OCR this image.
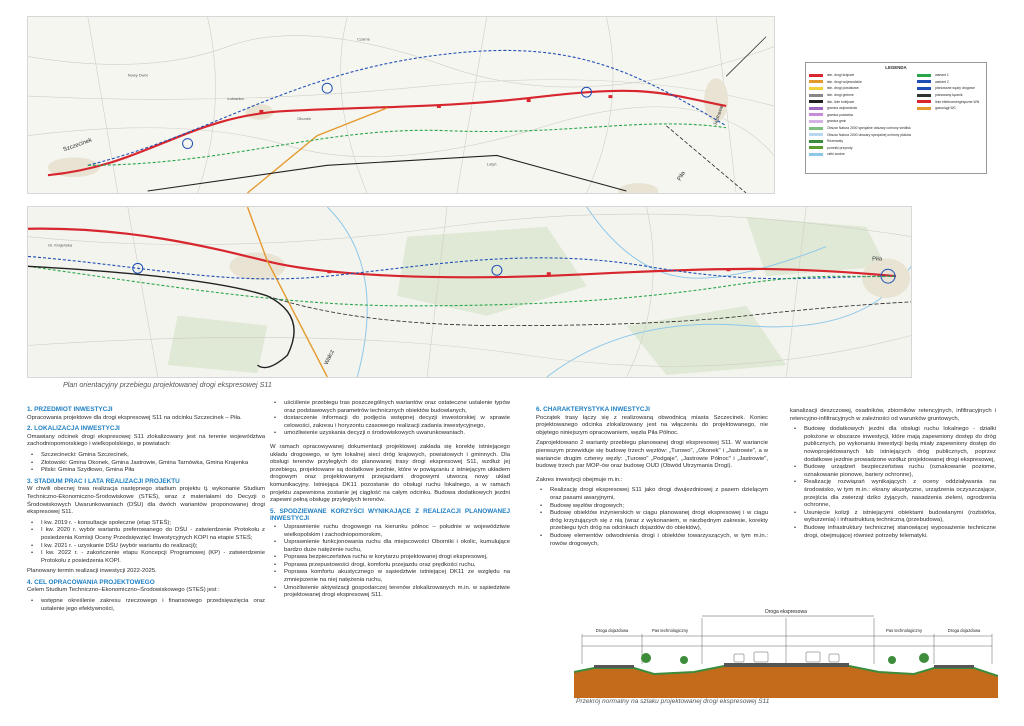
Szczecinek
Okonek
Czarne
Piła
Łubianka
Jastrowie
Nowy Dwór
Lotyń
LEGENDA
istn. drogi krajowe
istn. drogi wojewódzkie
istn. drogi powiatowe
istn. drogi gminne
istn. linie kolejowe
granica województw
granica powiatów
granica gmin
Obszar Natura 2000 specjalne obszary ochrony siedlisk
Obszar Natura 2000 obszary specjalnej ochrony ptaków
Rezerwaty
pomniki przyrody
cieki wodne
wariant 1
wariant 2
planowane węzły drogowe
planowany łącznik
linie elektroenergetyczne WN
gazociągi WC
Gr. Krajeńska
Wałcz
Piła
Plan orientacyjny przebiegu projektowanej drogi ekspresowej S11
1. PRZEDMIOT INWESTYCJI
Opracowania projektowe dla drogi ekspresowej S11 na odcinku Szczecinek – Piła.
2. LOKALIZACJA INWESTYCJI
Omawiany odcinek drogi ekspresowej S11 zlokalizowany jest na terenie województwa zachodniopomorskiego i wielkopolskiego, w powiatach:
• Szczecinecki: Gmina Szczecinek,
• Złotowski: Gmina Okonek, Gmina Jastrowie, Gmina Tarnówka, Gmina Krajenka
• Pilski: Gmina Szydłowo, Gmina Piła
3. STADIUM PRAC I LATA REALIZACJI PROJEKTU
W chwili obecnej trwa realizacja następnego stadium projektu tj. wykonanie Studium Techniczno-Ekonomiczno-Środowiskowe (STEŚ), wraz z materiałami do Decyzji o Środowiskowych Uwarunkowaniach (DŚU) dla dwóch wariantów proponowanej drogi ekspresowej S11.
• I kw. 2019 r. - konsultacje społeczne (etap STEŚ);
• I kw. 2020 r. wybór wariantu preferowanego do DŚU - zatwierdzenie Protokołu z posiedzenia Komisji Oceny Przedsięwzięć Inwestycyjnych KOPI na etapie STEŚ;
• I kw. 2021 r. - uzyskanie DŚU (wybór wariantu do realizacji);
• I kw. 2022 r. - zakończenie etapu Koncepcji Programowej (KP) - zatwierdzenie Protokołu z posiedzenia KOPI.
Planowany termin realizacji inwestycji 2022-2025.
4. CEL OPRACOWANIA PROJEKTOWEGO
Celem Studium Techniczno–Ekonomiczno–Środowiskowego (STEŚ) jest :
• wstępne określenie zakresu rzeczowego i finansowego przedsięwzięcia oraz ustalenie jego efektywności,
• uściślenie przebiegu tras poszczególnych wariantów oraz ostateczne ustalenie typów oraz podstawowych parametrów technicznych obiektów budowlanych,
• dostarczenie informacji do podjęcia wstępnej decyzji inwestorskiej w sprawie celowości, zakresu i horyzontu czasowego realizacji zadania inwestycyjnego,
• umożliwienie uzyskania decyzji o środowiskowych uwarunkowaniach.
W ramach opracowywanej dokumentacji projektowej zakłada się korektę istniejącego układu drogowego, w tym lokalnej sieci dróg krajowych, powiatowych i gminnych. Dla obsługi terenów przyległych do planowanej trasy drogi ekspresowej S11, wzdłuż jej przebiegu, projektowane są dodatkowe jezdnie, które w powiązaniu z istniejącym układem drogowym oraz projektowanymi przejazdami drogowymi utworzą nowy układ komunikacyjny. Istniejąca DK11 pozostanie do obsługi ruchu lokalnego, a w ramach projektu zapewniona zostanie jej ciągłość na całym odcinku. Budowa dodatkowych jezdni zapewni pełną obsługę przyległych terenów.
5. SPODZIEWANE KORZYŚCI WYNIKAJĄCE Z REALIZACJI PLANOWANEJ INWESTYCJI
• Usprawnienie ruchu drogowego na kierunku północ – południe w województwie wielkopolskim i zachodniopomorskim,
• Usprawnienie funkcjonowania ruchu dla miejscowości Oborniki i okolic, kumulujące bardzo duże natężenie ruchu,
• Poprawa bezpieczeństwa ruchu w korytarzu projektowanej drogi ekspresowej,
• Poprawa przepustowości drogi, komfortu przejazdu oraz prędkości ruchu,
• Poprawa komfortu akustycznego w sąsiedztwie istniejącej DK11 ze względu na zmniejszenie na niej natężenia ruchu,
• Umożliwienie aktywizacji gospodarczej terenów zlokalizowanych m.in. w sąsiedztwie projektowanej drogi ekspresowej S11.
6. CHARAKTERYSTYKA INWESTYCJI
Początek trasy łączy się z realizowaną obwodnicą miasta Szczecinek. Koniec projektowanego odcinka zlokalizowany jest na włączeniu do projektowanego, nie objętego niniejszym opracowaniem, węzła Piła Północ.
Zaprojektowano 2 warianty przebiegu planowanej drogi ekspresowej S11. W wariancie pierwszym przewiduje się budowę trzech węzłów: „Turowo", „Okonek" i „Jastrowie", a w wariancie drugim czterey węzły: „Turowo" „Podgaje", „Jastrowie Północ" i „Jastrowie", budowę trzech par MOP-ów oraz budowę OUD (Obwód Utrzymania Drogi).
Zakres inwestycji obejmuje m.in.:
• Realizację drogi ekspresowej S11 jako drogi dwujezdniowej z pasem dzielącym oraz pasami awaryjnymi,
• Budowę węzłów drogowych;
• Budowę obiektów inżynierskich w ciągu planowanej drogi ekspresowej i w ciągu dróg krzyżujących się z nią (wraz z wykonaniem, w niezbędnym zakresie, korekty przebiegu tych dróg na odcinkach dojazdów do obiektów),
• Budowę elementów odwodnienia drogi i obiektów towarzyszących, w tym m.in.: rowów drogowych,
kanalizacji deszczowej, osadników, zbiorników retencyjnych, infiltracyjnych i retencyjno-infiltracyjnych w zależności od warunków gruntowych,
• Budowę dodatkowych jezdni dla obsługi ruchu lokalnego - działki położone w obszarze inwestycji, które mają zapewniony dostęp do dróg publicznych, po wykonaniu inwestycji będą miały zapewniony dostęp do nowoprojektowanych lub istniejących dróg publicznych, poprzez dodatkowe jezdnie prowadzone wzdłuż projektowanej drogi ekspresowej,
• Budowę urządzeń bezpieczeństwa ruchu (oznakowanie poziome, oznakowanie pionowe, bariery ochronne),
• Realizację rozwiązań wynikających z oceny oddziaływania na środowisko, w tym m.in.: ekrany akustyczne, urządzenia oczyszczające, przejścia dla zwierząt dziko żyjących, nasadzenia zieleni, ogrodzenia ochronne,
• Usunięcie kolizji z istniejącymi obiektami budowlanymi (rozbiórka, wyburzenia) i infrastrukturą techniczną (przebudowa),
• Budowę infrastruktury technicznej stanowiącej wyposażenie techniczne drogi, obejmującej również potrzeby telematyki.
Droga ekspresowa
Droga dojazdowa	Pas technologiczny	Pas technologiczny	Droga dojazdowa
Przekrój normalny na szlaku projektowanej drogi ekspresowej S11
